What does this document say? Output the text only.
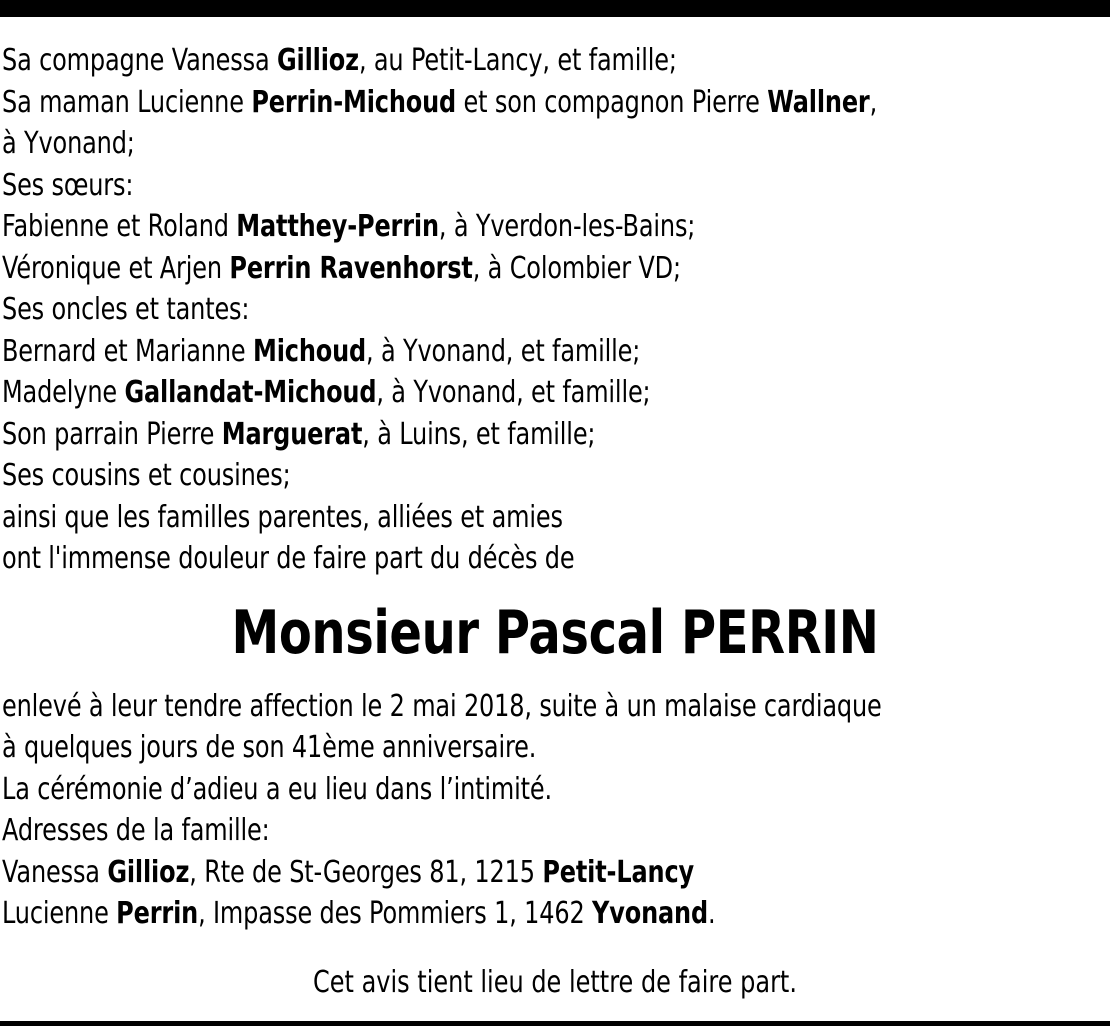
Sa compagne Vanessa Gillioz, au Petit-Lancy, et famille;
Sa maman Lucienne Perrin-Michoud et son compagnon Pierre Wallner,
à Yvonand;
Ses sœurs:
Fabienne et Roland Matthey-Perrin, à Yverdon-les-Bains;
Véronique et Arjen Perrin Ravenhorst, à Colombier VD;
Ses oncles et tantes:
Bernard et Marianne Michoud, à Yvonand, et famille;
Madelyne Gallandat-Michoud, à Yvonand, et famille;
Son parrain Pierre Marguerat, à Luins, et famille;
Ses cousins et cousines;
ainsi que les familles parentes, alliées et amies
ont l'immense douleur de faire part du décès de
Monsieur Pascal PERRIN
enlevé à leur tendre affection le 2 mai 2018, suite à un malaise cardiaque
à quelques jours de son 41ème anniversaire.
La cérémonie d’adieu a eu lieu dans l’intimité.
Adresses de la famille:
Vanessa Gillioz, Rte de St-Georges 81, 1215 Petit-Lancy
Lucienne Perrin, Impasse des Pommiers 1, 1462 Yvonand.
Cet avis tient lieu de lettre de faire part.
